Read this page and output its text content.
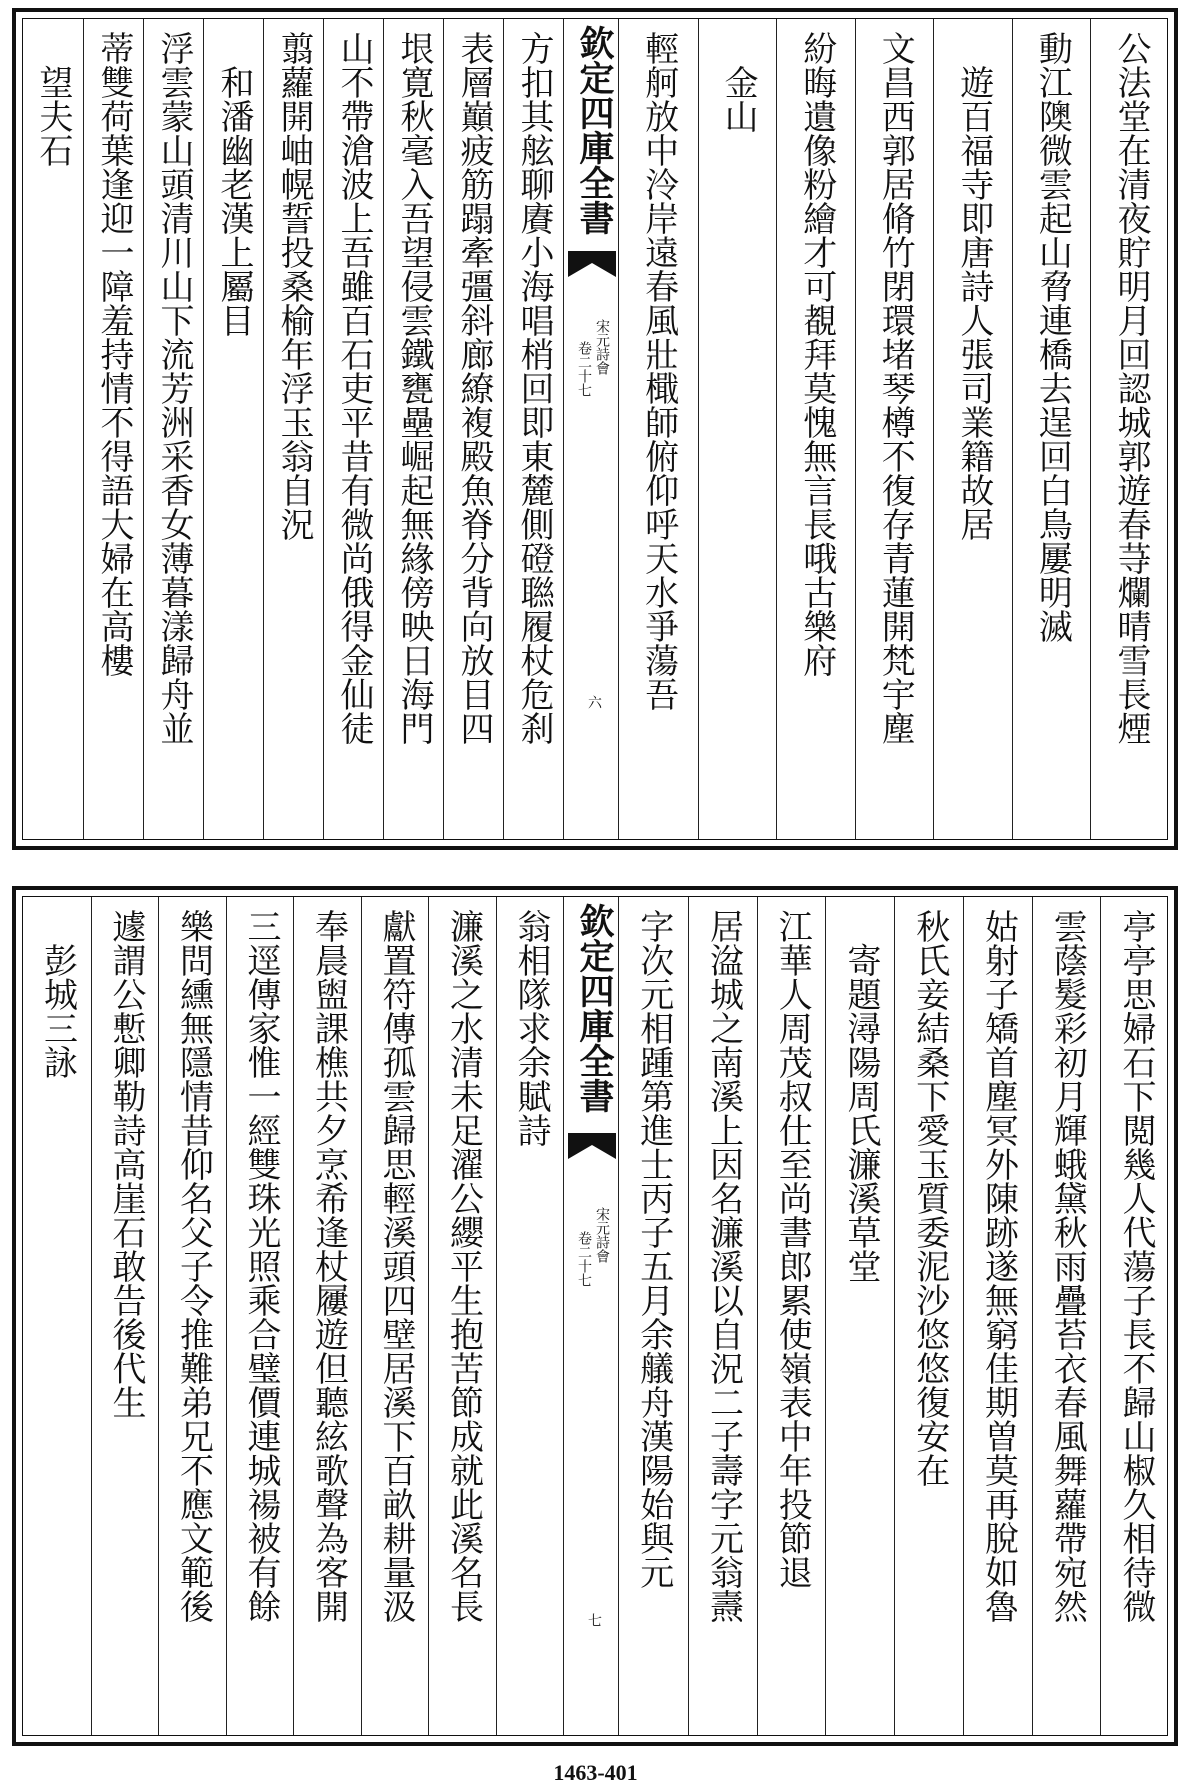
方扣其舷聊賡小海唱梢回即東麓側磴聮履杖危刹
表層巔疲筋蹋牽彊斜廊繚複殿魚脊分背向放目四
垠寛秋毫入吾望侵雲鐵甕壘崛起無緣傍映日海門
山不帶滄波上吾雖百石吏平昔有微尚俄得金仙徒
翦蘿開岫幌誓投桑榆年浮玉翁自況
　和潘幽老漢上屬目
浮雲蒙山頭清川山下流芳洲采香女薄暮漾歸舟並
蒂雙荷葉逢迎一障羞持情不得語大婦在高樓
　望夫石	欽定四庫全書
宋元詩會
卷二十七
六	公法堂在清夜貯明月回認城郭遊春䒭爛晴雪長煙
動江隩微雲起山脅連橋去逞回白鳥屢明滅
　遊百福寺即唐詩人張司業籍故居
文昌西郭居脩竹閉環堵琴樽不復存青蓮開梵宇塵
紛晦遺像粉繪才可覩拜莫愧無言長哦古樂府
　金山
輕舸放中泠岸遠春風壯檝師俯仰呼天水爭蕩吾
翁相隊求余賦詩
濂溪之水清未足濯公纓平生抱苦節成就此溪名長
獻置符傳孤雲歸思輕溪頭四壁居溪下百畝耕量汲
奉晨盥課樵共夕烹希逢杖屨遊但聽絃歌聲為客開
三逕傳家惟一經雙珠光照乘合璧價連城禓被有餘
樂問纁無隱情昔仰名父子令推難弟兄不應文範後
遽謂公慙卿勒詩高崖石敢告後代生
　彭城三詠	欽定四庫全書
宋元詩會
卷二十七
七	亭亭思婦石下閲幾人代蕩子長不歸山椒久相待微
雲蔭髮彩初月輝蛾黛秋雨疊苔衣春風舞蘿帶宛然
姑射子矯首塵冥外陳跡遂無窮佳期曽莫再脫如魯
秋氏妾結桑下愛玉質委泥沙悠悠復安在
　寄題潯陽周氏濂溪草堂
江華人周茂叔仕至尚書郎累使嶺表中年投節退
居湓城之南溪上因名濂溪以自況二子壽字元翁燾
字次元相踵第進士丙子五月余艤舟漢陽始與元
1463-401
